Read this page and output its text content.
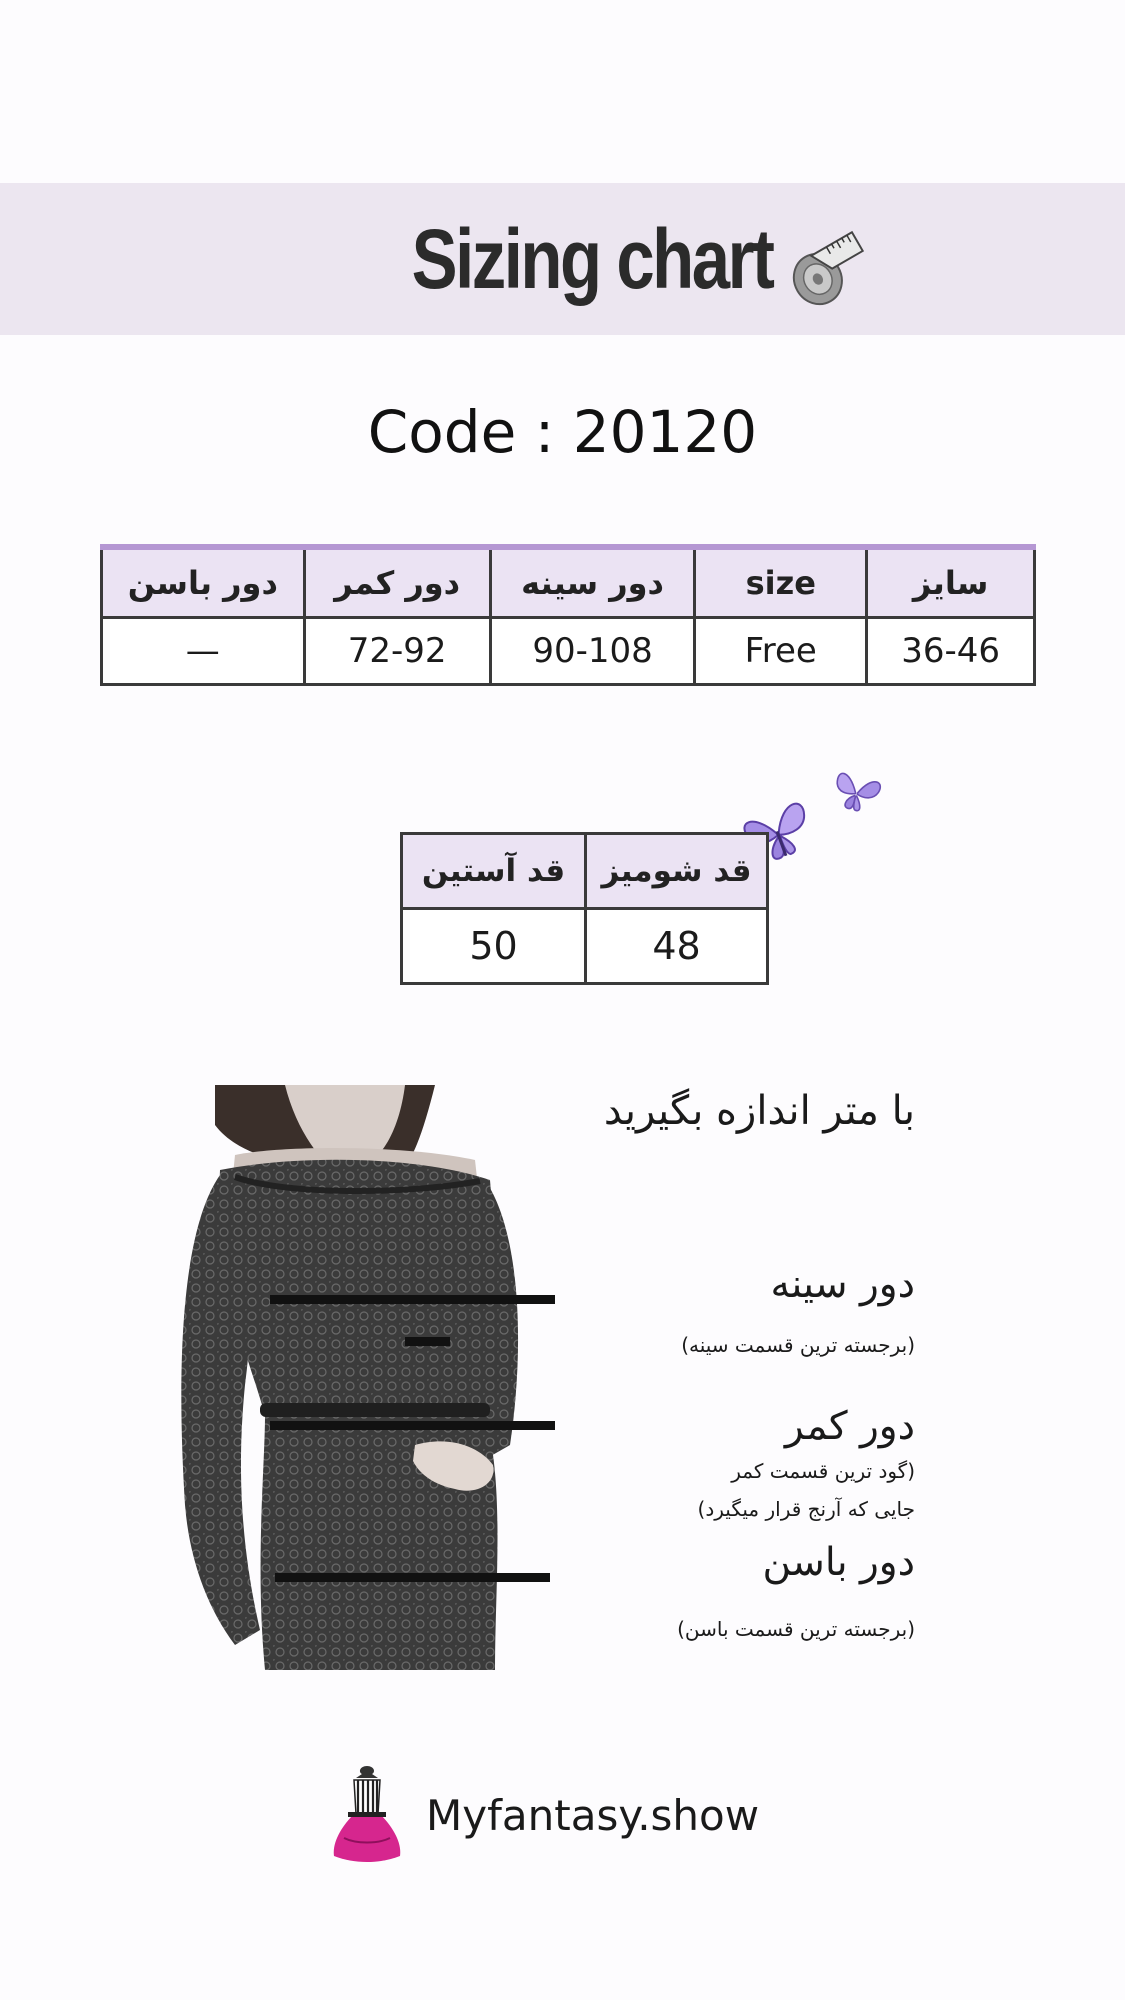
Sizing chart
Code : 20120
دور باسن	دور کمر	دور سینه	size	سایز
—	72-92	90-108	Free	36-46
قد آستین	قد شومیز
50	48
با متر اندازه بگیرید
دور سینه
(برجسته ترین قسمت سینه)
دور کمر
(گود ترین قسمت کمر
جایی که آرنج قرار میگیرد)
دور باسن
(برجسته ترین قسمت باسن)
Myfantasy.show
